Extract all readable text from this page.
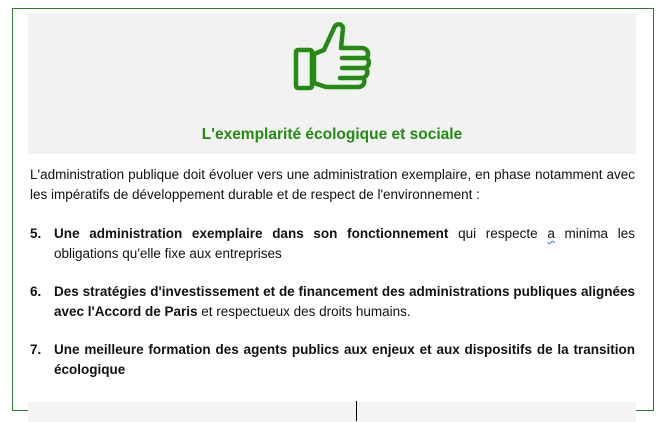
L'exemplarité écologique et sociale
L'administration publique doit évoluer vers une administration exemplaire, en phase notamment avec les impératifs de développement durable et de respect de l'environnement :
5. Une administration exemplaire dans son fonctionnement qui respecte a minima les obligations qu'elle fixe aux entreprises
6. Des stratégies d'investissement et de financement des administrations publiques alignées avec l'Accord de Paris et respectueux des droits humains.
7. Une meilleure formation des agents publics aux enjeux et aux dispositifs de la transition écologique
